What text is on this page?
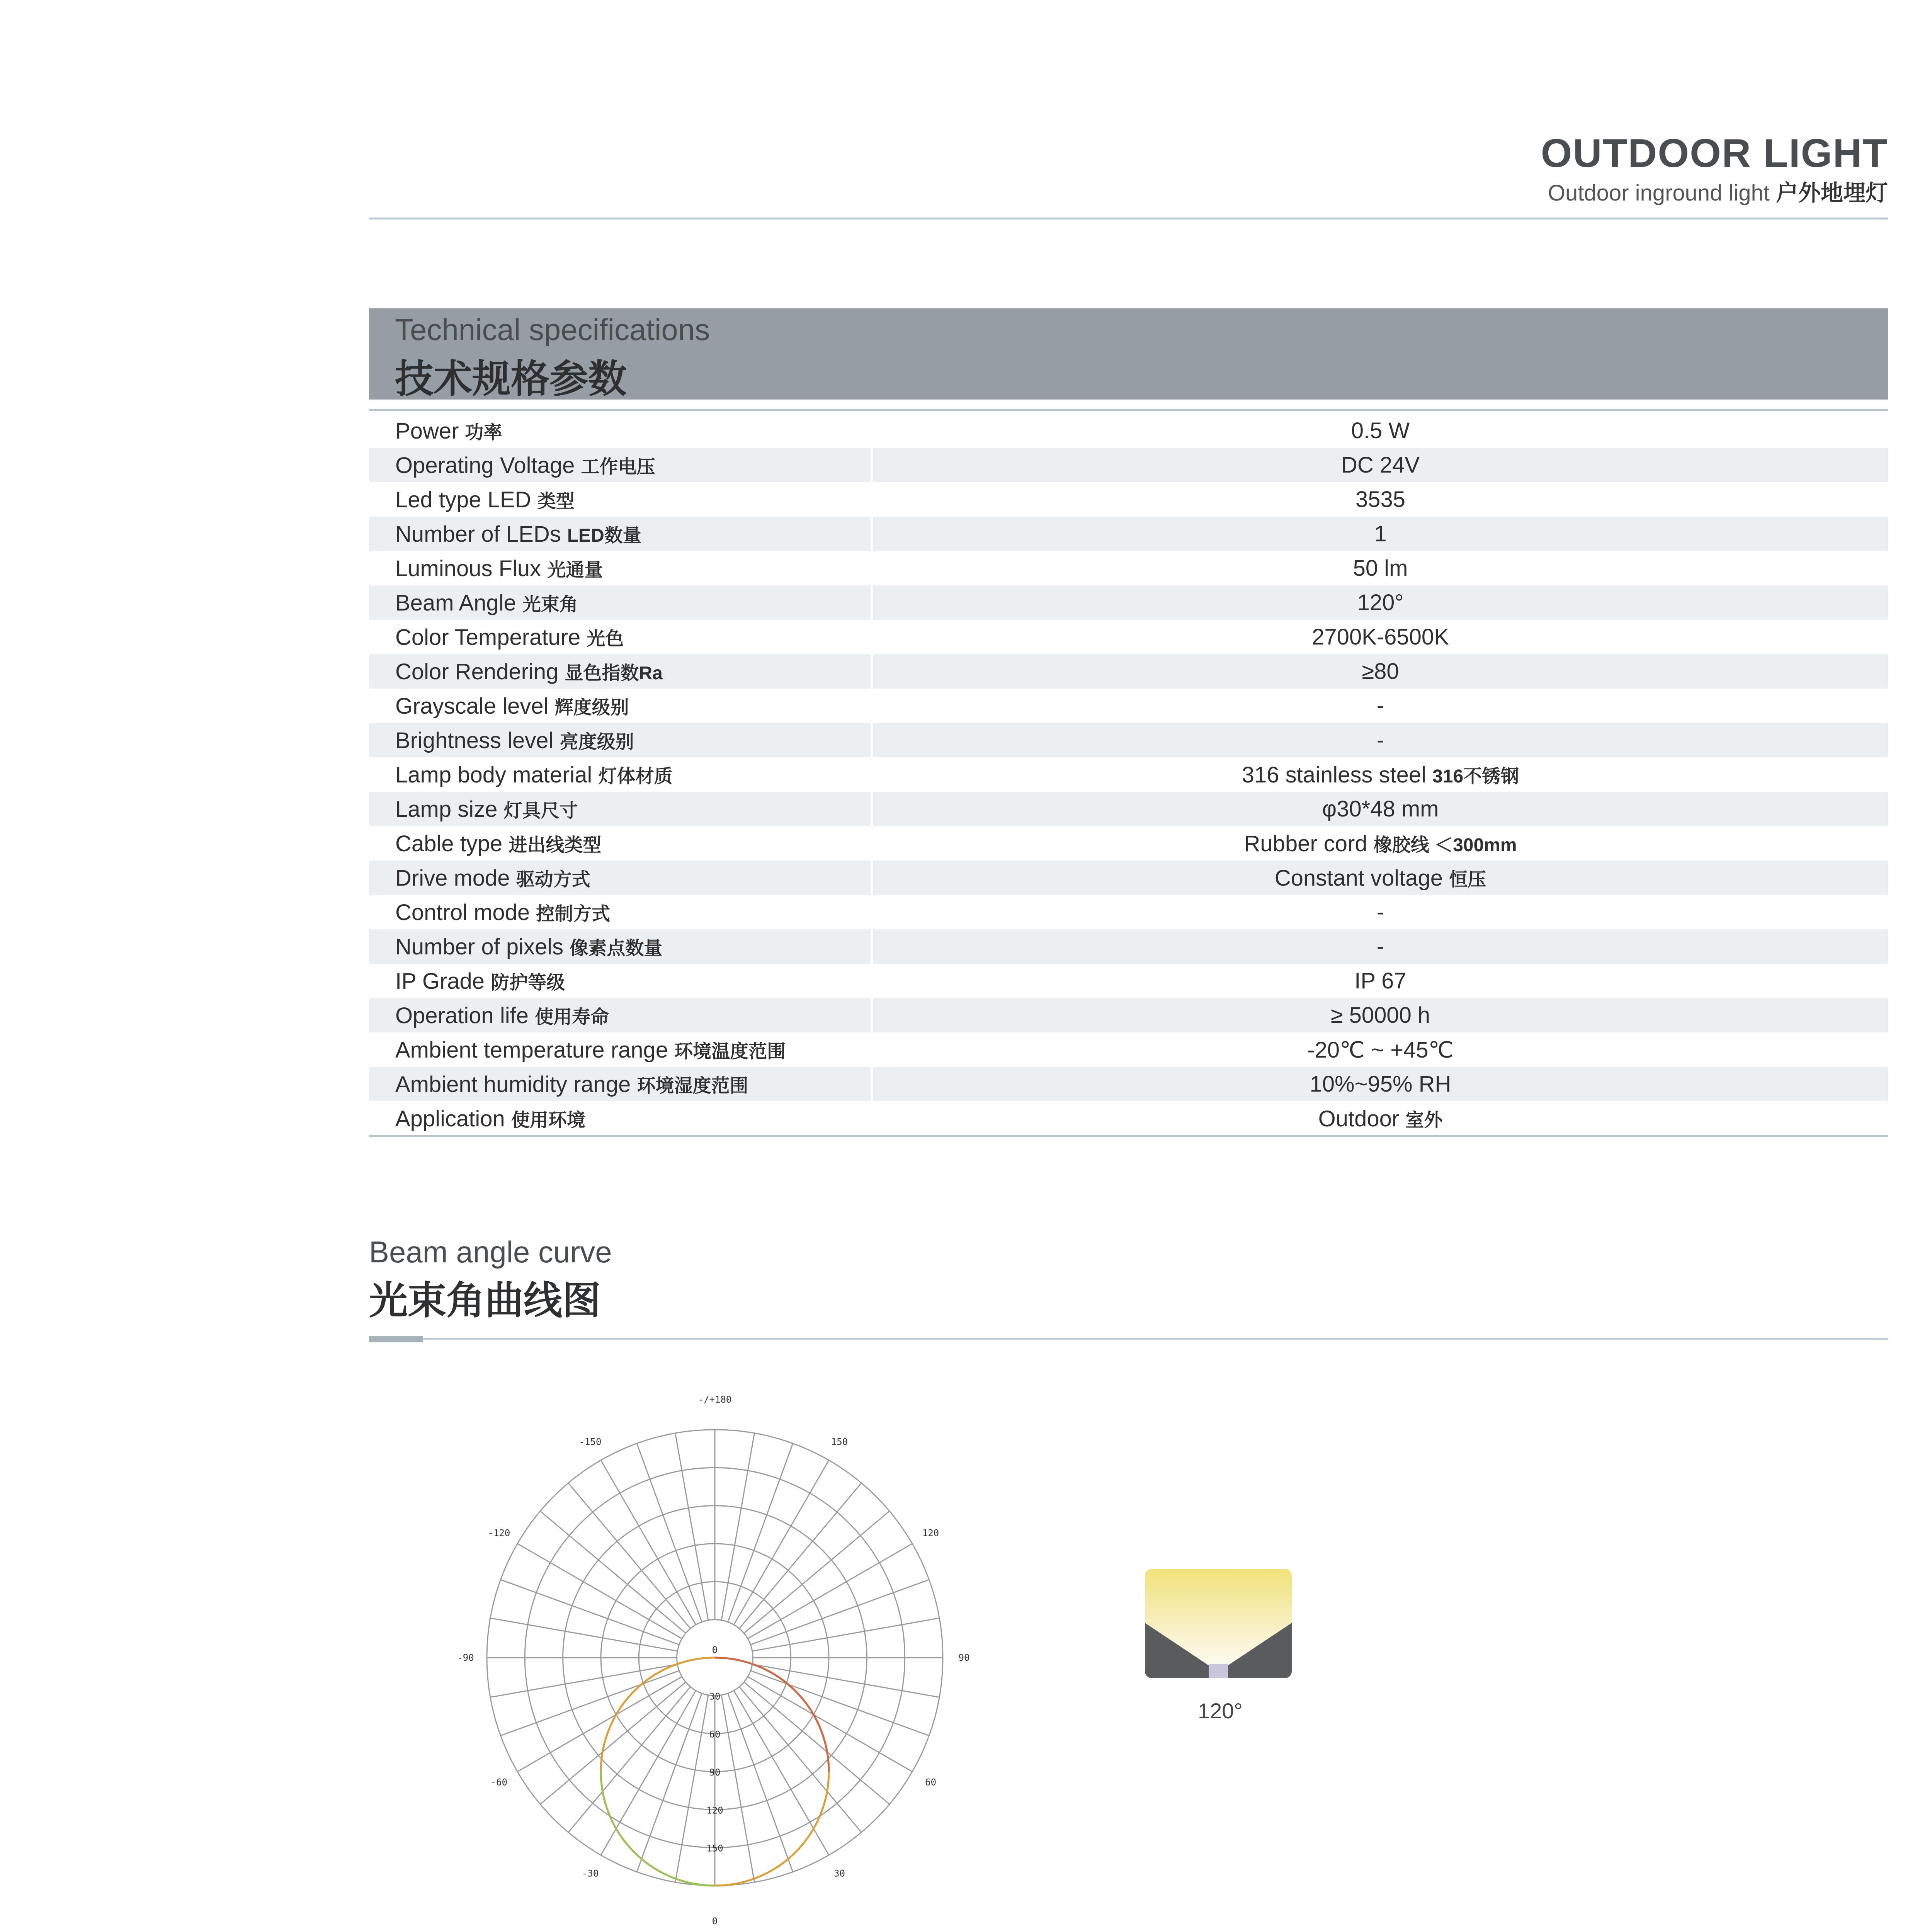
OUTDOOR LIGHT
Outdoor inground light 户外地埋灯
Technical specifications
技术规格参数
Power 功率	0.5 W
Operating Voltage 工作电压	DC 24V
Led type LED 类型	3535
Number of LEDs LED数量	1
Luminous Flux 光通量	50 lm
Beam Angle 光束角	120°
Color Temperature 光色	2700K-6500K
Color Rendering 显色指数Ra	≥80
Grayscale level 辉度级别	-
Brightness level 亮度级别	-
Lamp body material 灯体材质	316 stainless steel 316不锈钢
Lamp size 灯具尺寸	φ30*48 mm
Cable type 进出线类型	Rubber cord 橡胶线 ＜300mm
Drive mode 驱动方式	Constant voltage 恒压
Control mode 控制方式	-
Number of pixels 像素点数量	-
IP Grade 防护等级	IP 67
Operation life 使用寿命	≥ 50000 h
Ambient temperature range 环境温度范围	-20℃ ~ +45℃
Ambient humidity range 环境湿度范围	10%~95% RH
Application 使用环境	Outdoor 室外
Beam angle curve
光束角曲线图
-/+180
0
-150	150
-120	120
-90	90
-60	60
-30	30
0
30
60
90
120
150
120°
